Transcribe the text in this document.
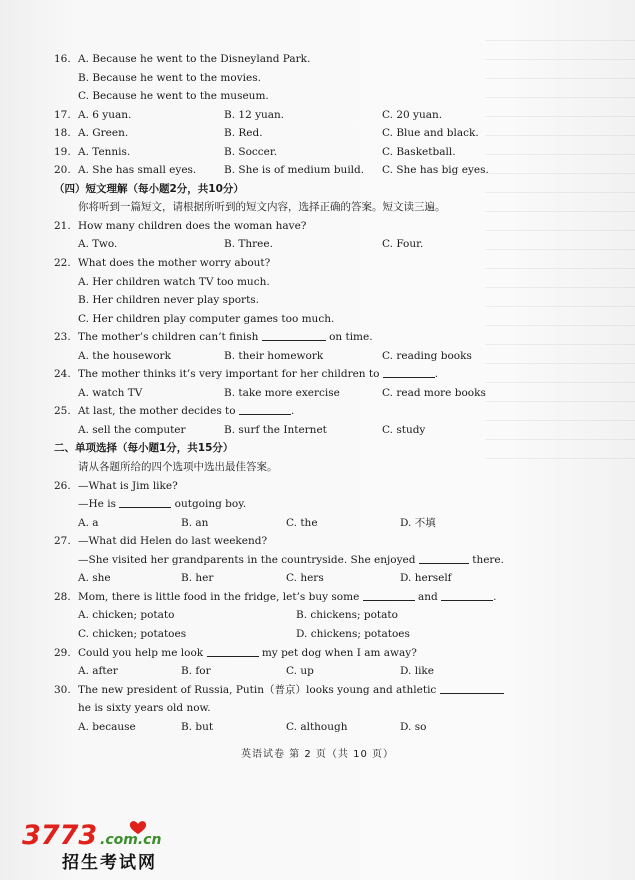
16. A. Because he went to the Disneyland Park.
B. Because he went to the movies.
C. Because he went to the museum.
17. A. 6 yuan.	B. 12 yuan.	C. 20 yuan.
18. A. Green.	B. Red.	C. Blue and black.
19. A. Tennis.	B. Soccer.	C. Basketball.
20. A. She has small eyes.	B. She is of medium build.	C. She has big eyes.
（四）短文理解（每小题2分，共10分）
你将听到一篇短文，请根据所听到的短文内容，选择正确的答案。短文读三遍。
21. How many children does the woman have?
A. Two.	B. Three.	C. Four.
22. What does the mother worry about?
A. Her children watch TV too much.
B. Her children never play sports.
C. Her children play computer games too much.
23. The mother’s children can’t finish

	on time.
A. the housework	B. their homework	C. reading books
24. The mother thinks it’s very important for her children to
	.
A. watch TV	B. take more exercise	C. read more books
25. At last, the mother decides to
	.
A. sell the computer	B. surf the Internet	C. study
二、单项选择（每小题1分，共15分）
请从各题所给的四个选项中选出最佳答案。
26. —What is Jim like?
—He is

	outgoing boy.
A. a	B. an	C. the	D. 不填
27. —What did Helen do last weekend?
—She visited her grandparents in the countryside. She enjoyed

	there.
A. she	B. her	C. hers	D. herself
28. Mom, there is little food in the fridge, let’s buy some

	and
	.
A. chicken; potato	B. chickens; potato
C. chicken; potatoes	D. chickens; potatoes
29. Could you help me look

	my pet dog when I am away?
A. after	B. for	C. up	D. like
30. The new president of Russia, Putin（普京）looks young and athletic

he is sixty years old now.
A. because	B. but	C. although	D. so
英语试卷 第 2 页（共 10 页）
3773 .com.cn
招生考试网
